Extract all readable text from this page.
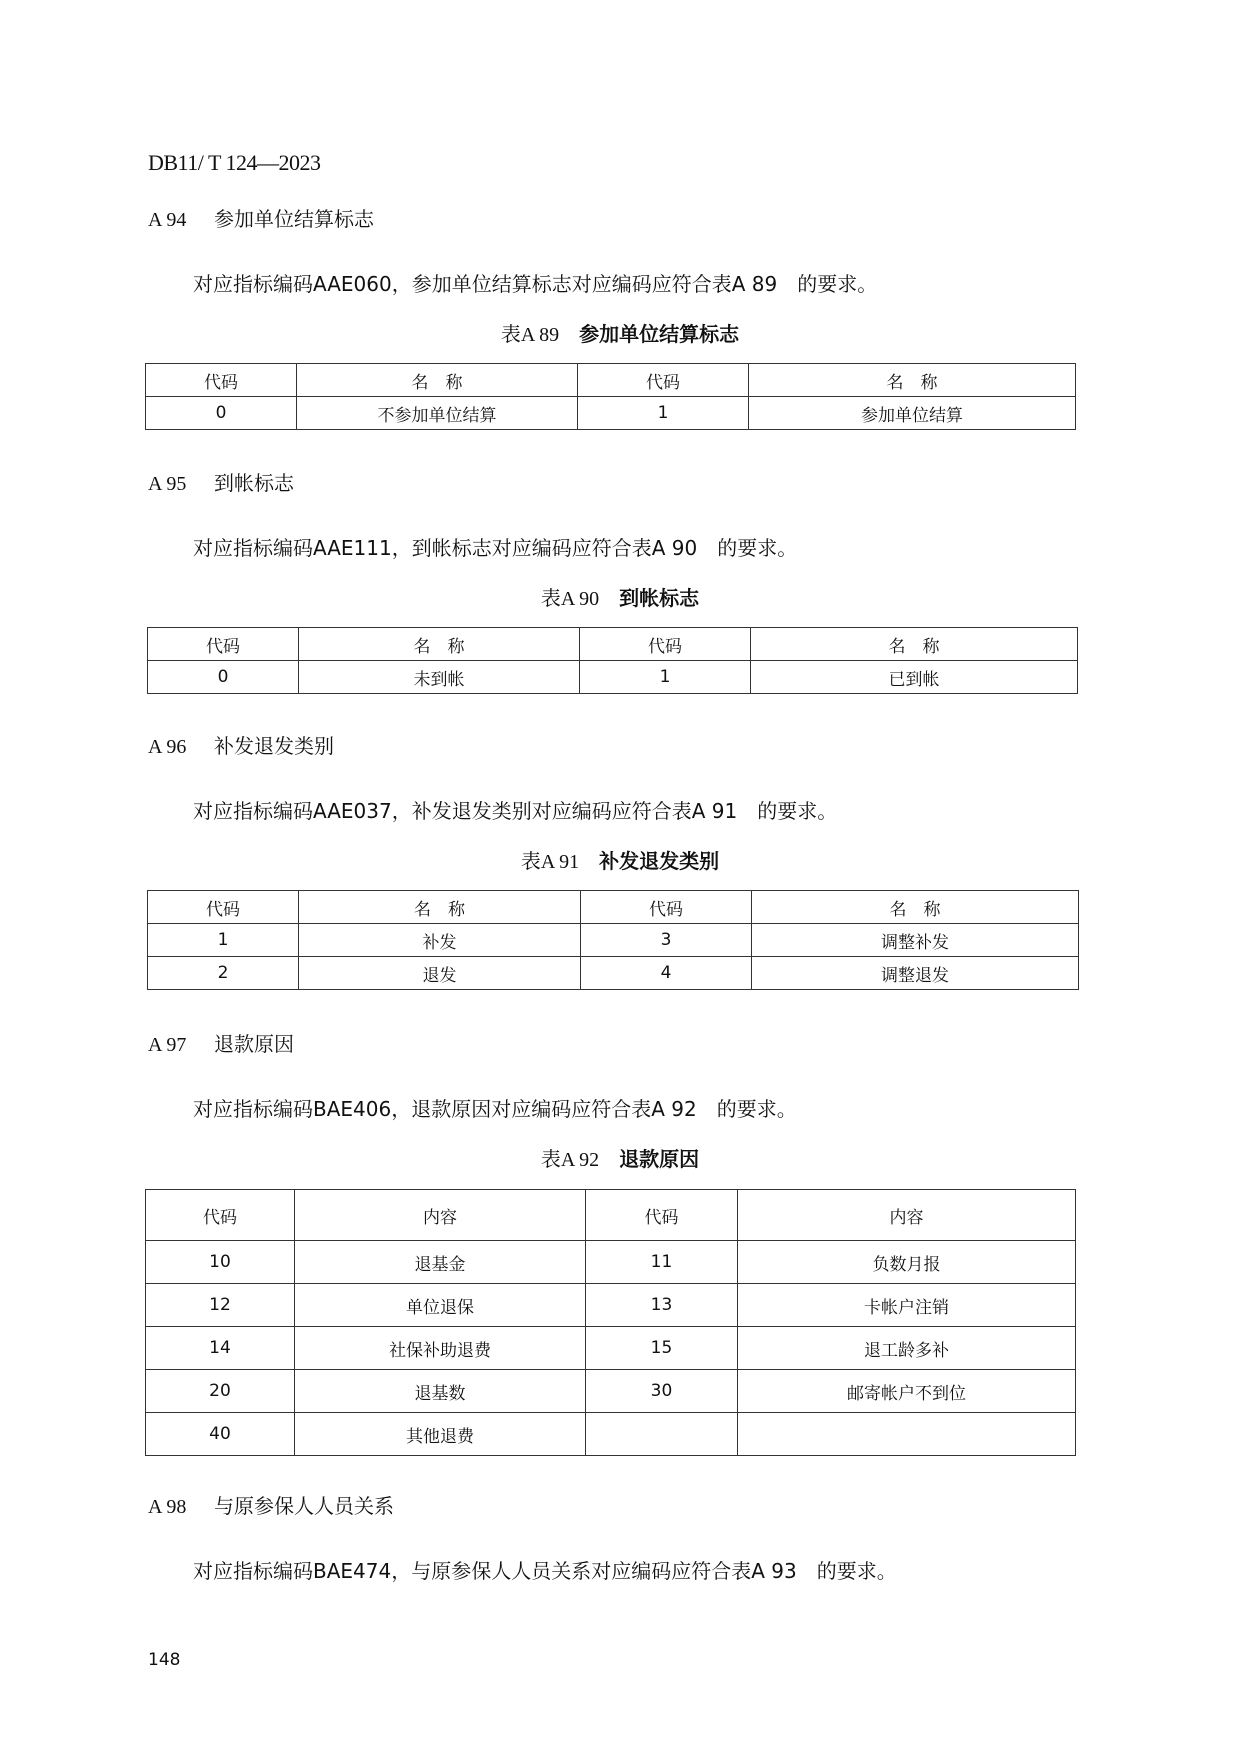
DB11/ T 124—2023
A 94 参加单位结算标志
对应指标编码AAE060，参加单位结算标志对应编码应符合表A 89　的要求。
表A 89　 参加单位结算标志
代码	名　称	代码	名　称
0	不参加单位结算	1	参加单位结算
A 95 到帐标志
对应指标编码AAE111，到帐标志对应编码应符合表A 90　的要求。
表A 90　 到帐标志
代码	名　称	代码	名　称
0	未到帐	1	已到帐
A 96 补发退发类别
对应指标编码AAE037，补发退发类别对应编码应符合表A 91　的要求。
表A 91　 补发退发类别
代码	名　称	代码	名　称
1	补发	3	调整补发
2	退发	4	调整退发
A 97 退款原因
对应指标编码BAE406，退款原因对应编码应符合表A 92　的要求。
表A 92　 退款原因
代码	内容	代码	内容
10	退基金	11	负数月报
12	单位退保	13	卡帐户注销
14	社保补助退费	15	退工龄多补
20	退基数	30	邮寄帐户不到位
40	其他退费		
A 98 与原参保人人员关系
对应指标编码BAE474，与原参保人人员关系对应编码应符合表A 93　的要求。
148
